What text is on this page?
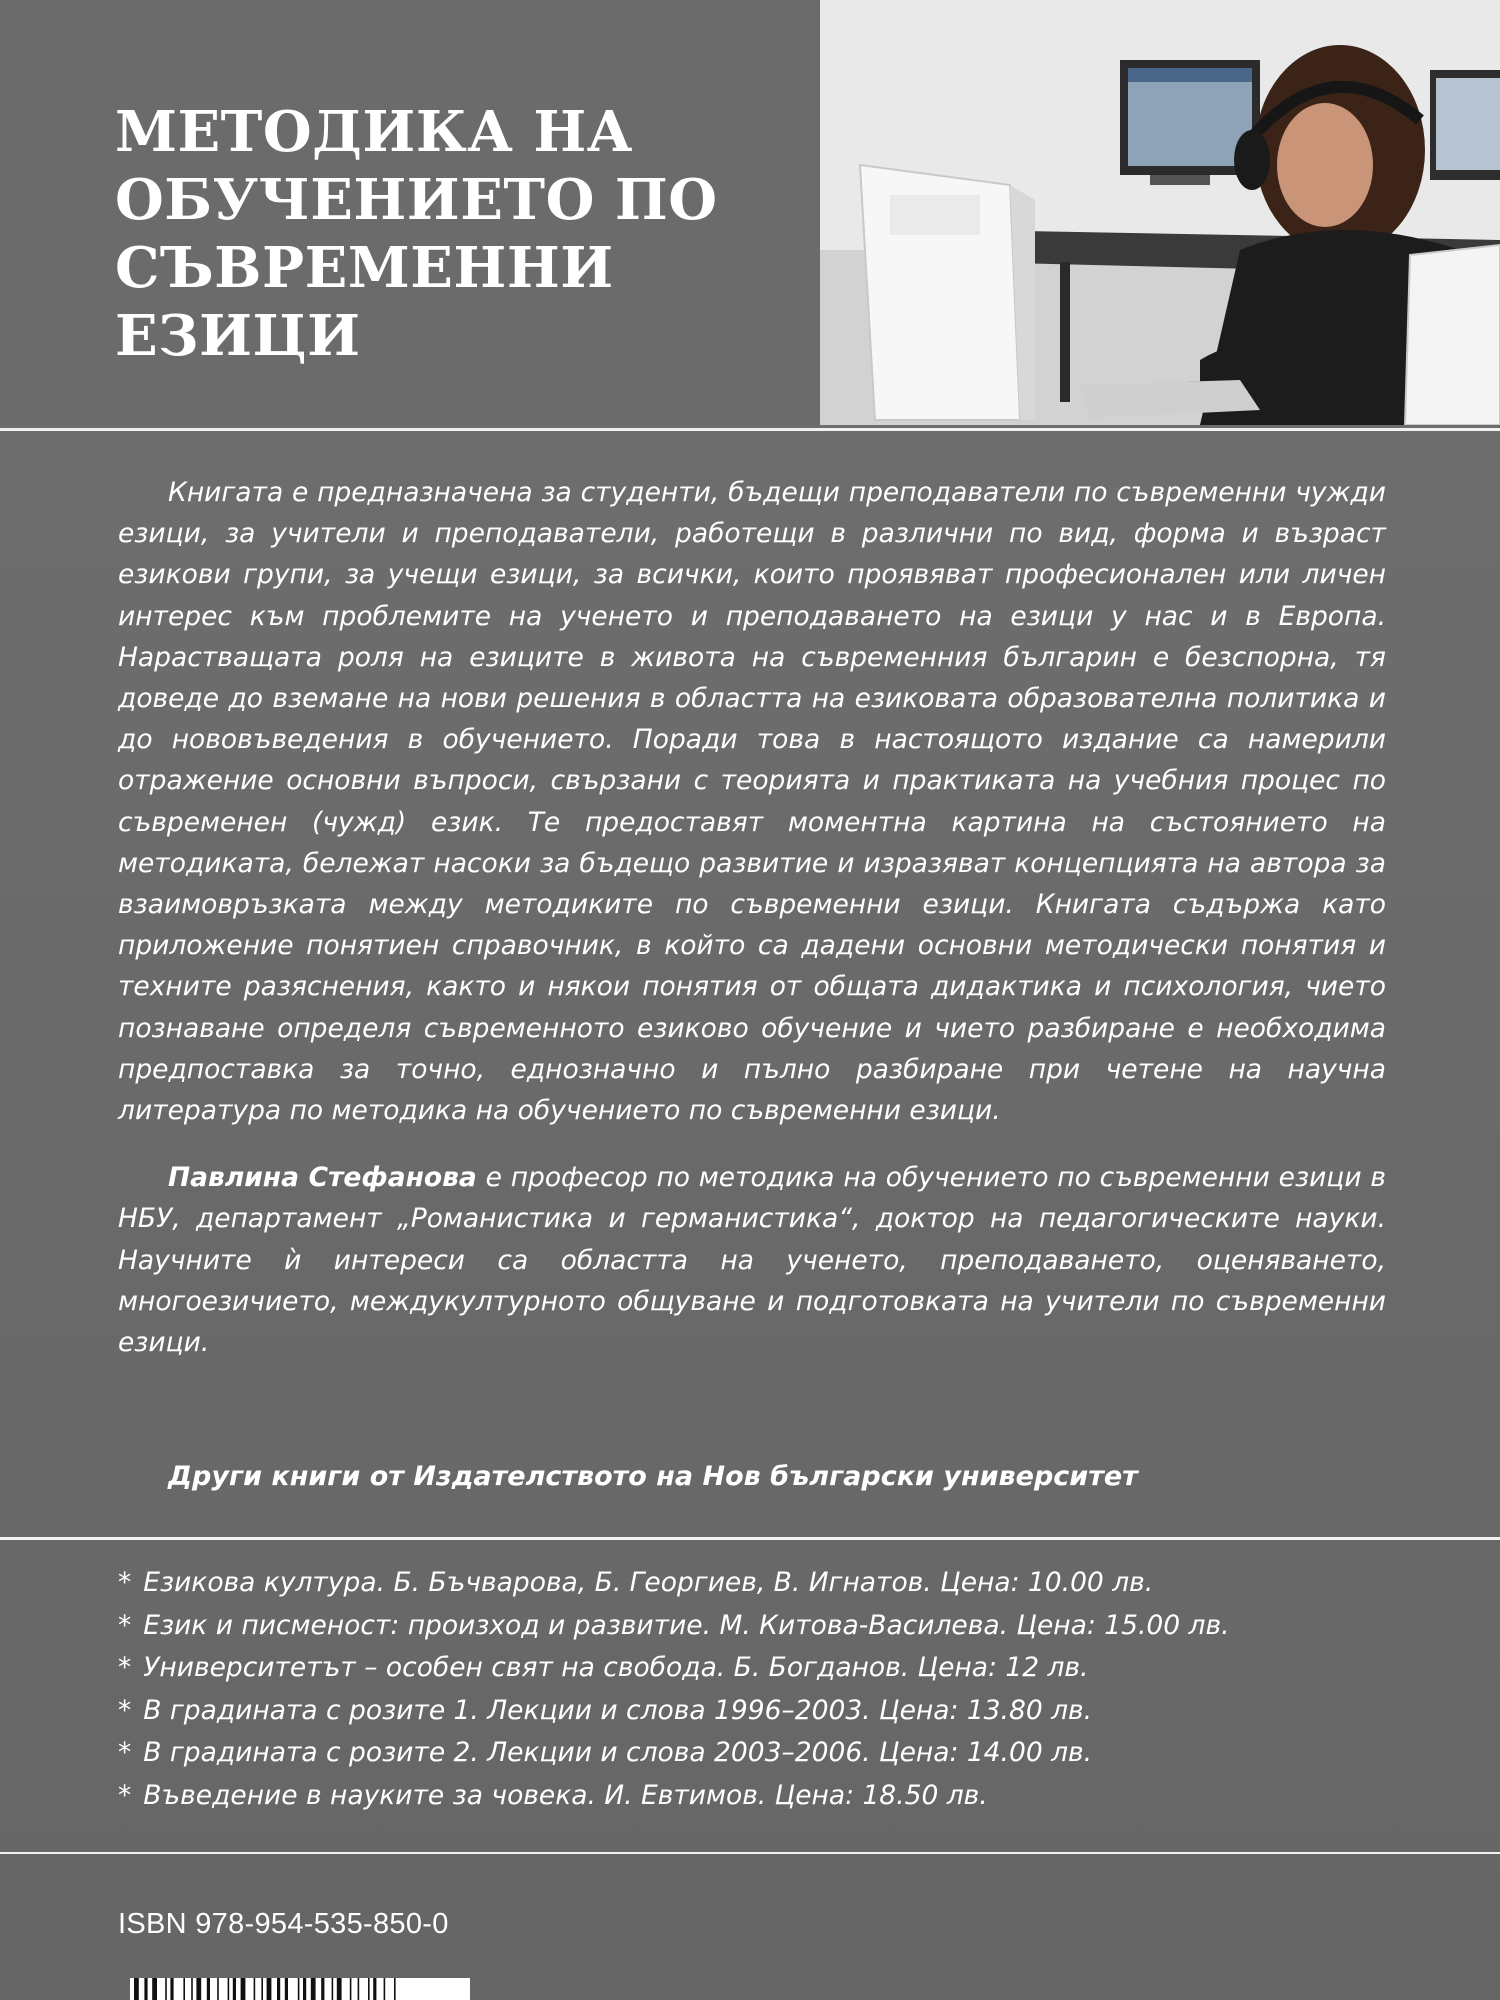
МЕТОДИКА НА
ОБУЧЕНИЕТО ПО
СЪВРЕМЕННИ
ЕЗИЦИ

Книгата е предназначена за студенти, бъдещи преподаватели по съвременни чужди езици, за учители и преподаватели, работещи в различни по вид, форма и възраст езикови групи, за учещи езици, за всички, които проявяват професионален или личен интерес към проблемите на ученето и преподаването на езици у нас и в Европа. Нарастващата роля на езиците в живота на съвременния българин е безспорна, тя доведе до вземане на нови решения в областта на езиковата образователна политика и до нововъведения в обучението. Поради това в настоящото издание са намерили отражение основни въпроси, свързани с теорията и практиката на учебния процес по съвременен (чужд) език. Те предоставят моментна картина на състоянието на методиката, бележат насоки за бъдещо развитие и изразяват концепцията на автора за взаимовръзката между методиките по съвременни езици. Книгата съдържа като приложение понятиен справочник, в който са дадени основни методически понятия и техните разяснения, както и някои понятия от общата дидактика и психология, чието познаване определя съвременното езиково обучение и чието разбиране е необходима предпоставка за точно, еднозначно и пълно разбиране при четене на научна литература по методика на обучението по съвременни езици.

Павлина Стефанова е професор по методика на обучението по съвременни езици в НБУ, департамент „Романистика и германистика“, доктор на педагогическите науки. Научните ѝ интереси са областта на ученето, преподаването, оценяването, многоезичието, междукултурното общуване и подготовката на учители по съвременни езици.

Други книги от Издателството на Нов български университет
* Езикова култура. Б. Бъчварова, Б. Георгиев, В. Игнатов. Цена: 10.00 лв.
* Език и писменост: произход и развитие. М. Китова-Василева. Цена: 15.00 лв.
* Университетът – особен свят на свобода. Б. Богданов. Цена: 12 лв.
* В градината с розите 1. Лекции и слова 1996–2003. Цена: 13.80 лв.
* В градината с розите 2. Лекции и слова 2003–2006. Цена: 14.00 лв.
* Въведение в науките за човека. И. Евтимов. Цена: 18.50 лв.
ISBN 978-954-535-850-0
